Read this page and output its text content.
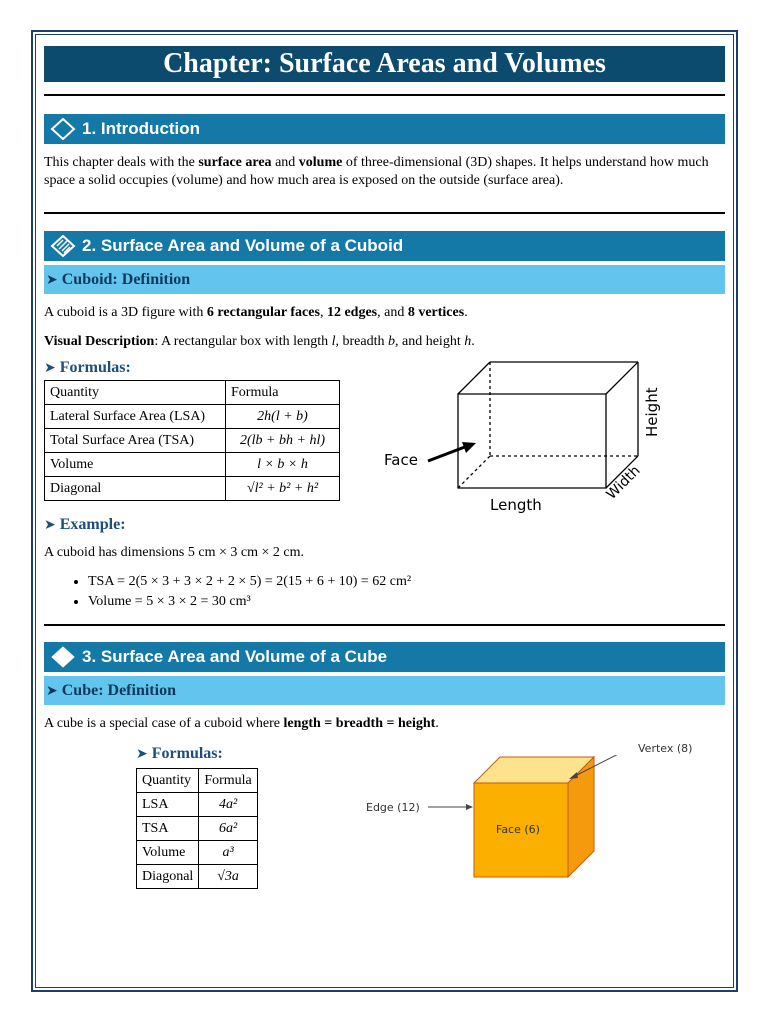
Chapter: Surface Areas and Volumes
1. Introduction

This chapter deals with the surface area and volume of three-dimensional (3D) shapes. It helps understand how much space a solid occupies (volume) and how much area is exposed on the outside (surface area).

2. Surface Area and Volume of a Cuboid
➤ Cuboid: Definition

A cuboid is a 3D figure with 6 rectangular faces, 12 edges, and 8 vertices.

Visual Description: A rectangular box with length l, breadth b, and height h.

➤ Formulas:
Quantity	Formula
Lateral Surface Area (LSA)	2h(l + b)
Total Surface Area (TSA)	2(lb + bh + hl)
Volume	l × b × h
Diagonal	√l² + b² + h²
Face
Length
Height
Width
➤ Example:

A cuboid has dimensions 5 cm × 3 cm × 2 cm.

• TSA = 2(5 × 3 + 3 × 2 + 2 × 5) = 2(15 + 6 + 10) = 62 cm²
• Volume = 5 × 3 × 2 = 30 cm³
3. Surface Area and Volume of a Cube
➤ Cube: Definition

A cube is a special case of a cuboid where length = breadth = height.

➤ Formulas:
Quantity	Formula
LSA	4a²
TSA	6a²
Volume	a³
Diagonal	√3a
Edge (12)
Face (6)
Vertex (8)
